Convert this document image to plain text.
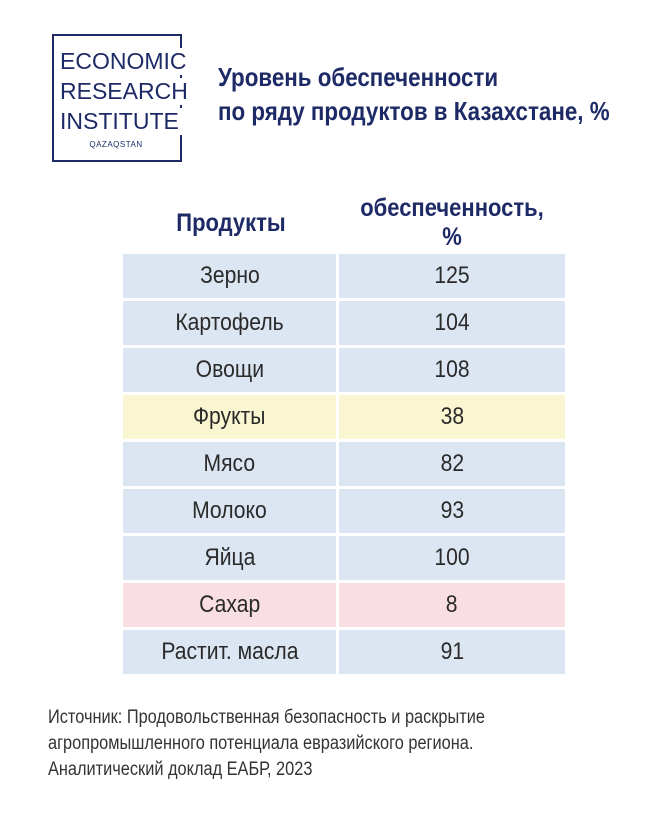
ECONOMIC
RESEARCH
INSTITUTE
QAZAQSTAN
Уровень обеспеченности
по ряду продуктов в Казахстане, %
Продукты
обеспеченность, %
Зерно	125
Картофель	104
Овощи	108
Фрукты	38
Мясо	82
Молоко	93
Яйца	100
Сахар	8
Растит. масла	91
Источник: Продовольственная безопасность и раскрытие
агропромышленного потенциала евразийского региона.
Аналитический доклад ЕАБР, 2023
